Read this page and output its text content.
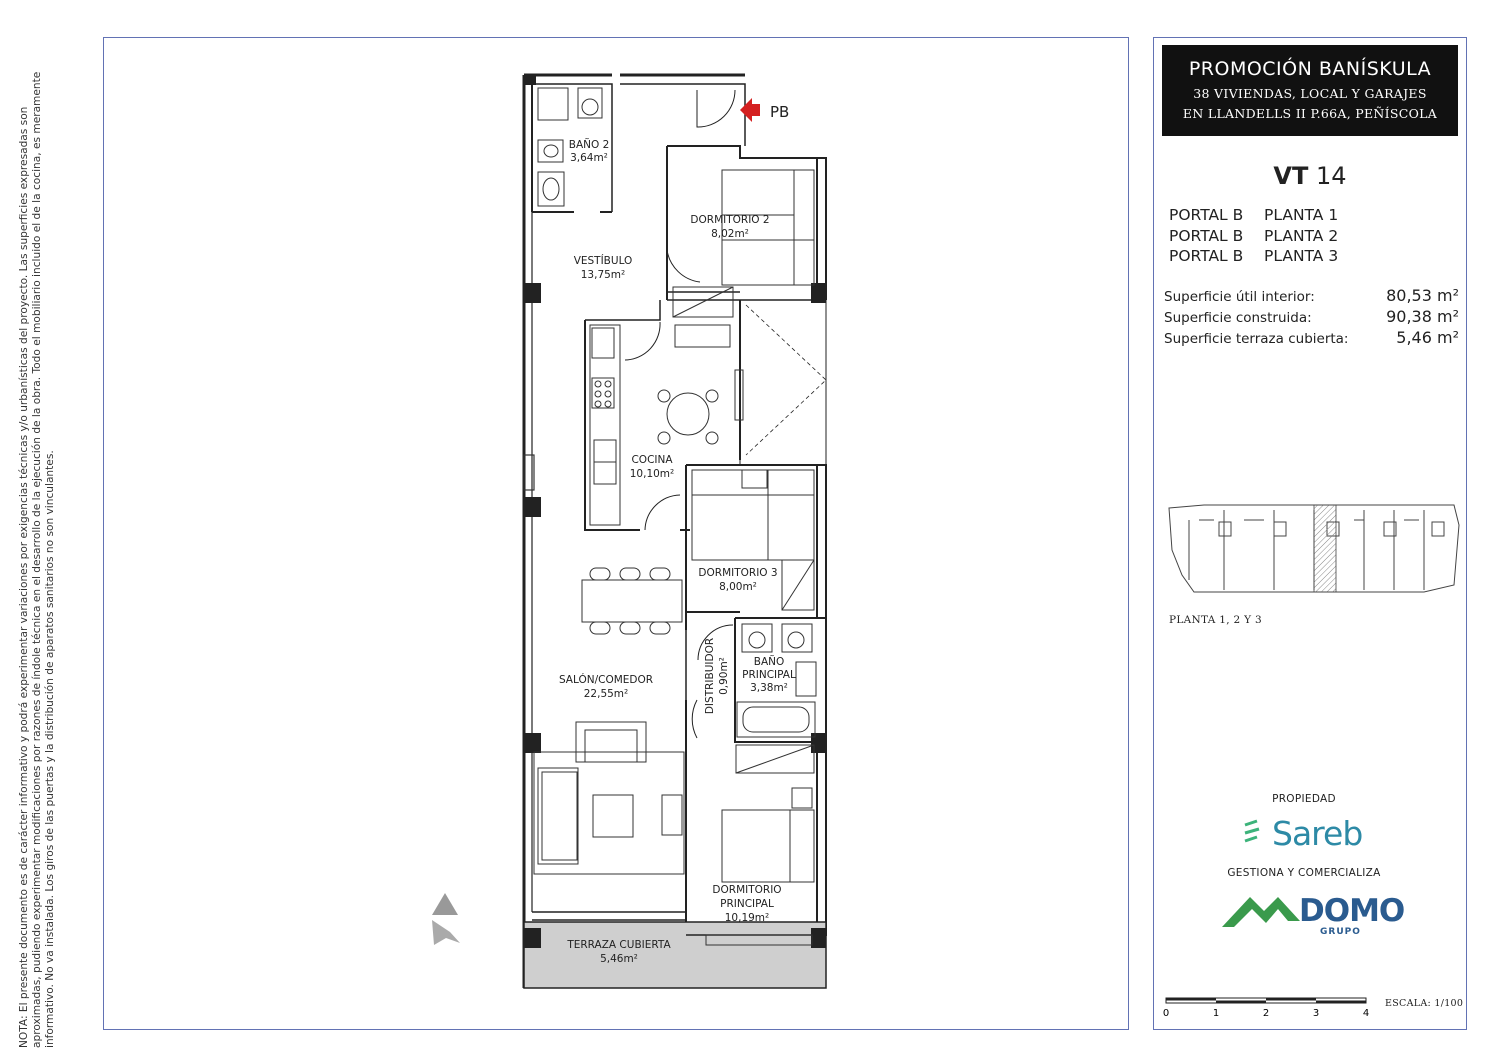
NOTA: El presente documento es de carácter informativo y podrá experimentar variaciones por exigencias técnicas y/o urbanísticas del proyecto. Las superficies expresadas son aproximadas, pudiendo experimentar modificaciones por razones de índole técnica en el desarrollo de la ejecución de la obra. Todo el mobiliario incluido el de la cocina, es meramente informativo. No va instalada. Los giros de las puertas y la distribución de aparatos sanitarios no son vinculantes.
PB
BAÑO 2
3,64m²
DORMITORIO 2
8,02m²
VESTÍBULO
13,75m²
COCINA
10,10m²
DORMITORIO 3
8,00m²
DISTRIBUIDOR 0,90m² BAÑO
PRINCIPAL
3,38m²
SALÓN/COMEDOR
22,55m²
DORMITORIO
PRINCIPAL
10,19m²
TERRAZA CUBIERTA
5,46m²
PROMOCIÓN BANÍSKULA
38 VIVIENDAS, LOCAL Y GARAJES
EN LLANDELLS II P.66A, PEÑÍSCOLA
VT 14
PORTAL B PLANTA 1
PORTAL B PLANTA 2
PORTAL B PLANTA 3
Superficie útil interior:	80,53 m²
Superficie construida:	90,38 m²
Superficie terraza cubierta:	5,46 m²
PLANTA 1, 2 Y 3
PROPIEDAD
Sareb
GESTIONA Y COMERCIALIZA
DOMO
GRUPO
0	1	2	3	4
ESCALA: 1/100
